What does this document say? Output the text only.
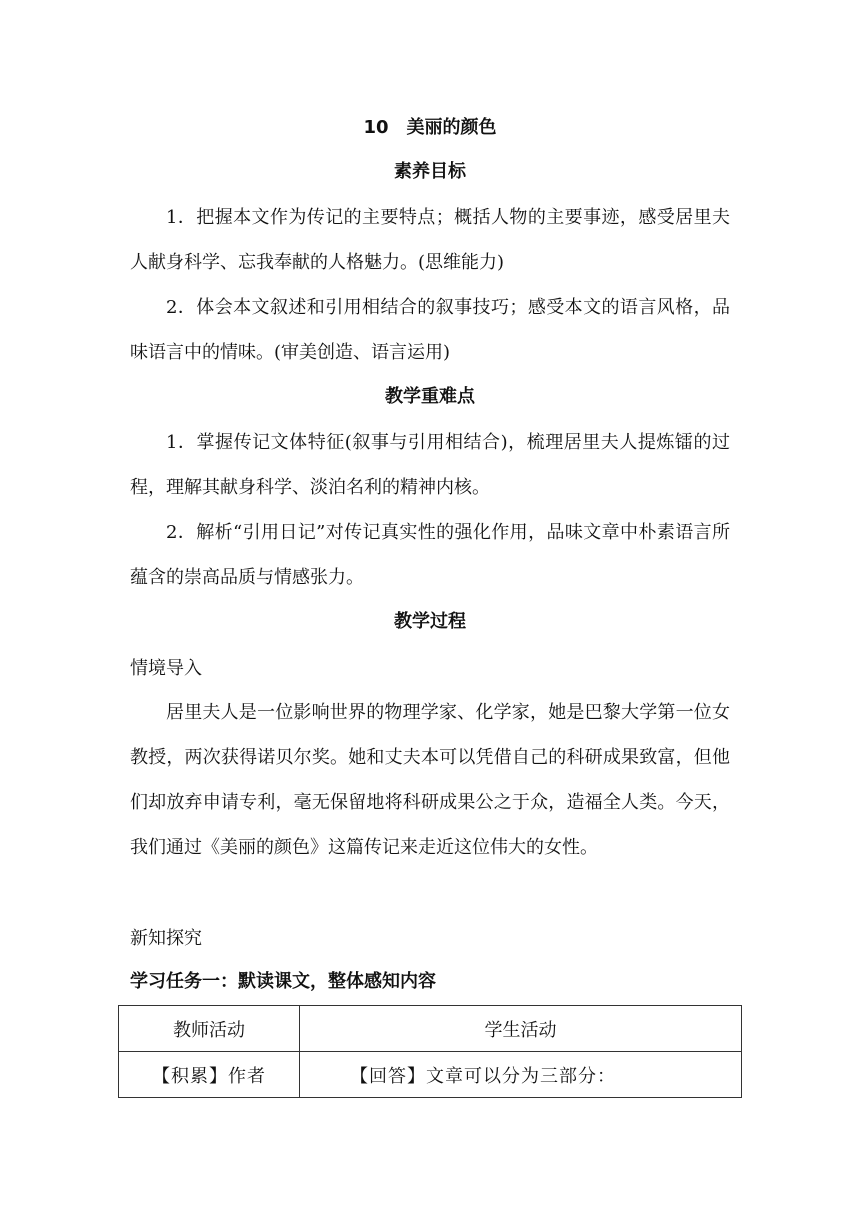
10 美丽的颜色
素养目标

1．把握本文作为传记的主要特点；概括人物的主要事迹，感受居里夫人献身科学、忘我奉献的人格魅力。(思维能力)

2．体会本文叙述和引用相结合的叙事技巧；感受本文的语言风格，品味语言中的情味。(审美创造、语言运用)

教学重难点

1．掌握传记文体特征(叙事与引用相结合)，梳理居里夫人提炼镭的过程，理解其献身科学、淡泊名利的精神内核。

2．解析“引用日记”对传记真实性的强化作用，品味文章中朴素语言所蕴含的崇高品质与情感张力。

教学过程
情境导入

居里夫人是一位影响世界的物理学家、化学家，她是巴黎大学第一位女教授，两次获得诺贝尔奖。她和丈夫本可以凭借自己的科研成果致富，但他们却放弃申请专利，毫无保留地将科研成果公之于众，造福全人类。今天，我们通过《美丽的颜色》这篇传记来走近这位伟大的女性。

新知探究
学习任务一：默读课文，整体感知内容
教师活动	学生活动
【积累】作者	【回答】文章可以分为三部分：
